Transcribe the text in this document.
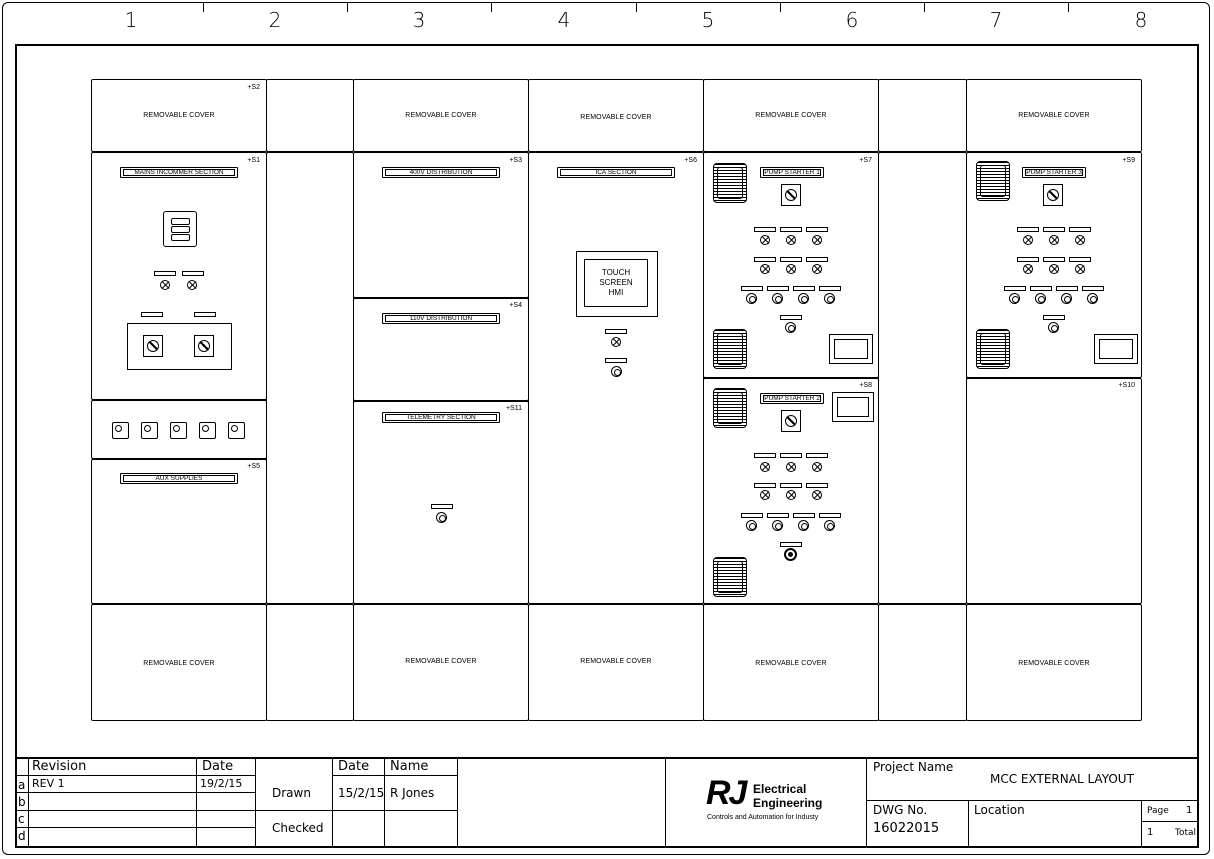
1	2	3	4	5	6	7	8
REMOVABLE COVER
+S2
+S1
MAINS INCOMMER SECTION
+S5
AUX SUPPLIES
REMOVABLE COVER
REMOVABLE COVER
+S3
400V DISTRIBUTION
+S4
110V DISTRIBUTION
+S11
TELEMETRY SECTION
REMOVABLE COVER
REMOVABLE COVER
+S6
ICA SECTION
TOUCH
SCREEN
HMI
REMOVABLE COVER
REMOVABLE COVER
+S7
PUMP STARTER 1
+S8
PUMP STARTER 2
REMOVABLE COVER
REMOVABLE COVER
+S9
PUMP STARTER 3
+S10
REMOVABLE COVER
Revision	Date
a REV 1	19/2/15
b
c
d
Date Name
Drawn 15/2/15 R Jones
Checked
RJ Electrical
Engineering
Controls and Automation for Industy
Project Name
MCC EXTERNAL LAYOUT
DWG No.
16022015
Location	Page 1
1 Total
